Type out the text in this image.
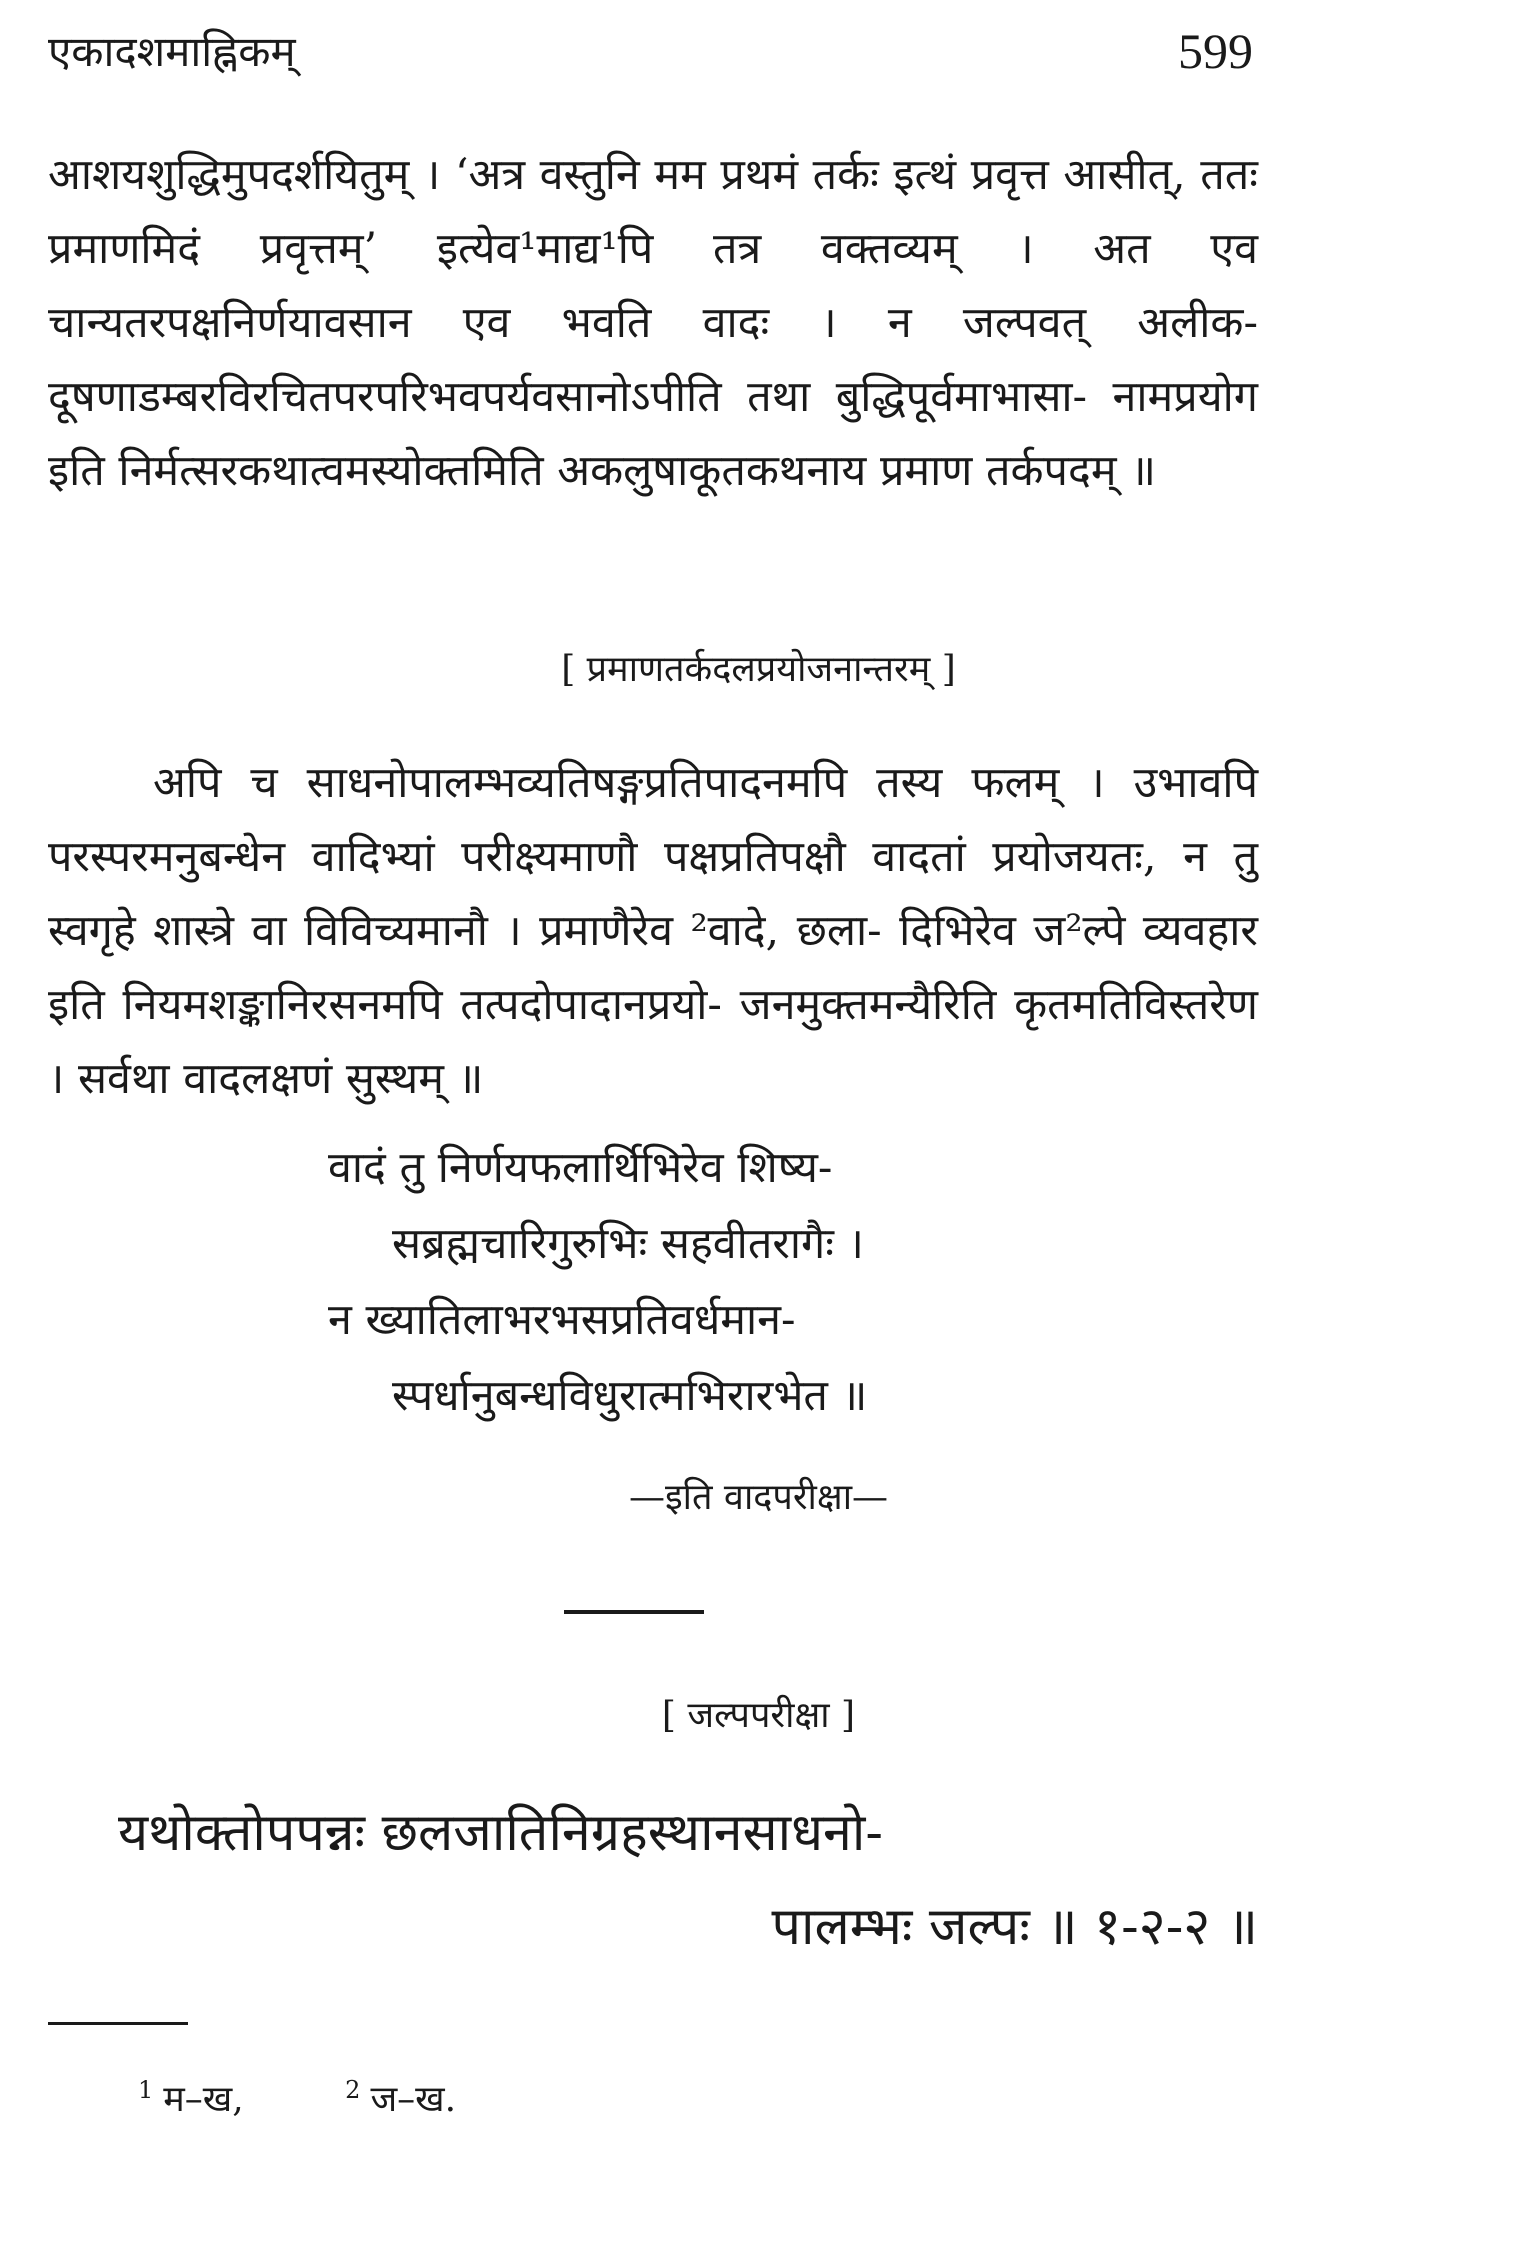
एकादशमाह्निकम्	599

आशयशुद्धिमुपदर्शयितुम् । ‘अत्र वस्तुनि मम प्रथमं तर्कः इत्थं प्रवृत्त आसीत्, ततः प्रमाणमिदं प्रवृत्तम्’ इत्येव¹माद्य¹पि तत्र वक्तव्यम् । अत एव चान्यतरपक्षनिर्णयावसान एव भवति वादः । न जल्पवत् अलीक- दूषणाडम्बरविरचितपरपरिभवपर्यवसानोऽपीति तथा बुद्धिपूर्वमाभासा- नामप्रयोग इति निर्मत्सरकथात्वमस्योक्तमिति अकलुषाकूतकथनाय प्रमाण तर्कपदम् ॥

[ प्रमाणतर्कदलप्रयोजनान्तरम् ]

अपि च साधनोपालम्भव्यतिषङ्गप्रतिपादनमपि तस्य फलम् । उभावपि परस्परमनुबन्धेन वादिभ्यां परीक्ष्यमाणौ पक्षप्रतिपक्षौ वादतां प्रयोजयतः, न तु स्वगृहे शास्त्रे वा विविच्यमानौ । प्रमाणैरेव ²वादे, छला- दिभिरेव ज²ल्पे व्यवहार इति नियमशङ्कानिरसनमपि तत्पदोपादानप्रयो- जनमुक्तमन्यैरिति कृतमतिविस्तरेण । सर्वथा वादलक्षणं सुस्थम् ॥

वादं तु निर्णयफलार्थिभिरेव शिष्य-
सब्रह्मचारिगुरुभिः सहवीतरागैः ।
न ख्यातिलाभरभसप्रतिवर्धमान-
स्पर्धानुबन्धविधुरात्मभिरारभेत ॥
—इति वादपरीक्षा—
[ जल्पपरीक्षा ]
यथोक्तोपपन्नः छलजातिनिग्रहस्थानसाधनो-
पालम्भः जल्पः ॥ १-२-२ ॥
$^1$ म–ख,	$^2$ ज–ख.
